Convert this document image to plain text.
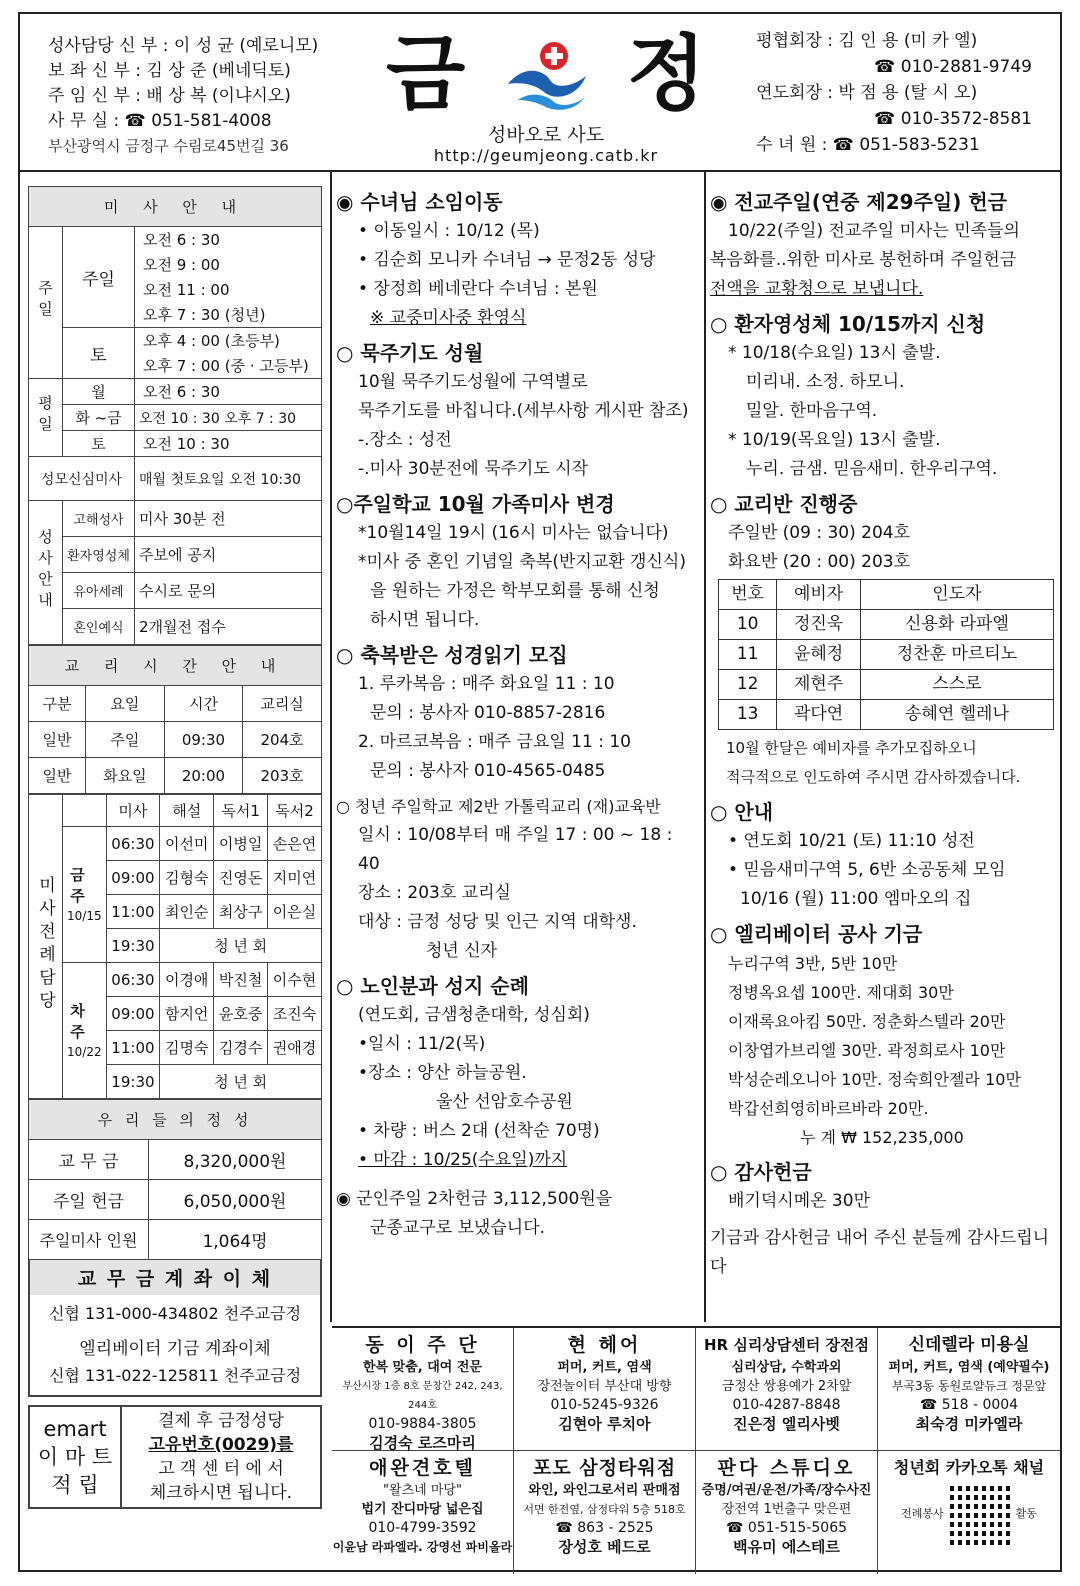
성사담당 신 부 : 이 성 균 (예로니모)
보 좌 신 부 : 김 상 준 (베네딕토)
주 임 신 부 : 배 상 복 (이냐시오)
사 무 실 : ☎ 051-581-4008
부산광역시 금정구 수림로45번길 36
금 정
성바오로 사도
http://geumjeong.catb.kr
평협회장 : 김 인 용 (미 카 엘)
☎ 010-2881-9749
연도회장 : 박 점 용 (탈 시 오)
☎ 010-3572-8581
수 녀 원 : ☎ 051-583-5231
미 사 안 내		
주일	주일	오전 6 : 30
		오전 9 : 00
		오전 11 : 00
		오후 7 : 30 (청년)
	토	오후 4 : 00 (초등부)
		오후 7 : 00 (중 · 고등부)
평일	월	오전 6 : 30
	화 ~금	오전 10 : 30 오후 7 : 30
	토	오전 10 : 30
성모신심미사		매월 첫토요일 오전 10:30
성사안내	고해성사	미사 30분 전
	환자영성체	주보에 공지
	유아세례	수시로 문의
	혼인예식	2개월전 접수
교 리 시 간 안 내			
구분	요일	시간	교리실
일반	주일	09:30	204호
일반	화요일	20:00	203호
미사전례담당		미사	해설	독서1	독서2

	금주
10/15	06:30	이선미	이병일	손은연
		09:00	김형숙	진영돈	지미연
		11:00	최인순	최상구	이은실
		19:30	청 년 회		

	차주
10/22	06:30	이경애	박진철	이수현
		09:00	함지언	윤호중	조진숙
		11:00	김명숙	김경수	권애경
		19:30	청 년 회		
우 리 들 의 정 성	
교 무 금	8,320,000원
주일 헌금	6,050,000원
주일미사 인원	1,064명
교 무 금 계 좌 이 체
신협 131-000-434802 천주교금정
엘리베이터 기금 계좌이체
신협 131-022-125811 천주교금정
emart
이 마 트
적 립

결제 후 금정성당
고유번호(0029)를
고 객 센 터 에 서
체크하시면 됩니다.
◉ 수녀님 소임이동
• 이동일시 : 10/12 (목)
• 김순희 모니카 수녀님 → 문정2동 성당
• 장정희 베네란다 수녀님 : 본원
※ 교중미사중 환영식
○ 묵주기도 성월
10월 묵주기도성월에 구역별로
묵주기도를 바칩니다.(세부사항 게시판 참조)
-.장소 : 성전
-.미사 30분전에 묵주기도 시작
○주일학교 10월 가족미사 변경
*10월14일 19시 (16시 미사는 없습니다)
*미사 중 혼인 기념일 축복(반지교환 갱신식)
을 원하는 가정은 학부모회를 통해 신청
하시면 됩니다.
○ 축복받은 성경읽기 모집
1. 루카복음 : 매주 화요일 11 : 10
문의 : 봉사자 010-8857-2816
2. 마르코복음 : 매주 금요일 11 : 10
문의 : 봉사자 010-4565-0485
○ 청년 주일학교 제2반 가톨릭교리 (재)교육반
일시 : 10/08부터 매 주일 17 : 00 ~ 18 : 40
장소 : 203호 교리실
대상 : 금정 성당 및 인근 지역 대학생.
청년 신자
○ 노인분과 성지 순례
(연도회, 금샘청춘대학, 성심회)
•일시 : 11/2(목)
•장소 : 양산 하늘공원.
울산 선암호수공원
• 차량 : 버스 2대 (선착순 70명)
• 마감 : 10/25(수요일)까지
◉ 군인주일 2차헌금 3,112,500원을
군종교구로 보냈습니다.
◉ 전교주일(연중 제29주일) 헌금
10/22(주일) 전교주일 미사는 민족들의
복음화를..위한 미사로 봉헌하며 주일헌금
전액을 교황청으로 보냅니다.
○ 환자영성체 10/15까지 신청
* 10/18(수요일) 13시 출발.
미리내. 소정. 하모니.
밀알. 한마음구역.
* 10/19(목요일) 13시 출발.
누리. 금샘. 믿음새미. 한우리구역.
○ 교리반 진행중
주일반 (09 : 30) 204호
화요반 (20 : 00) 203호
번호	예비자	인도자
10	정진욱	신용화 라파엘
11	윤혜정	정찬훈 마르티노
12	제현주	스스로
13	곽다연	송혜연 헬레나
10월 한달은 예비자를 추가모집하오니
적극적으로 인도하여 주시면 감사하겠습니다.
○ 안내
• 연도회 10/21 (토) 11:10 성전
• 믿음새미구역 5, 6반 소공동체 모임
10/16 (월) 11:00 엠마오의 집
○ 엘리베이터 공사 기금
누리구역 3반, 5반 10만
정병옥요셉 100만. 제대회 30만
이재록요아킴 50만. 정춘화스텔라 20만
이창엽가브리엘 30만. 곽정희로사 10만
박성순레오니아 10만. 정숙희안젤라 10만
박갑선희영히바르바라 20만.
누 계 ₩ 152,235,000
○ 감사헌금
배기덕시메온 30만
기금과 감사헌금 내어 주신 분들께 감사드립니다
동 이 주 단
한복 맞춤, 대여 전문
부산시장 1층 8호 문창간 242, 243, 244호
010-9884-3805
김경숙 로즈마리
현 헤어
퍼머, 커트, 염색
장전놀이터 부산대 방향
010-5245-9326
김현아 루치아
HR 심리상담센터 장전점
심리상담, 수학과외
금정산 쌍용예가 2차앞
010-4287-8848
진은정 엘리사벳
신데렐라 미용실
퍼머, 커트, 염색 (예약필수)
부곡3동 동원로얄듀크 정문앞
☎ 518 - 0004
최숙경 미카엘라
애완견호텔
"왈츠네 마당"
법기 잔디마당 넓은집
010-4799-3592
이윤남 라파엘라. 강영선 파비올라
포도 삼정타워점
와인, 와인그로서리 판매점
서면 한전옆, 삼정타워 5층 518호
☎ 863 - 2525
장성호 베드로
판다 스튜디오
증명/여권/운전/가족/장수사진
장전역 1번출구 맞은편
☎ 051-515-5065
백유미 에스테르
청년회 카카오톡 채널
전례봉사	활동
